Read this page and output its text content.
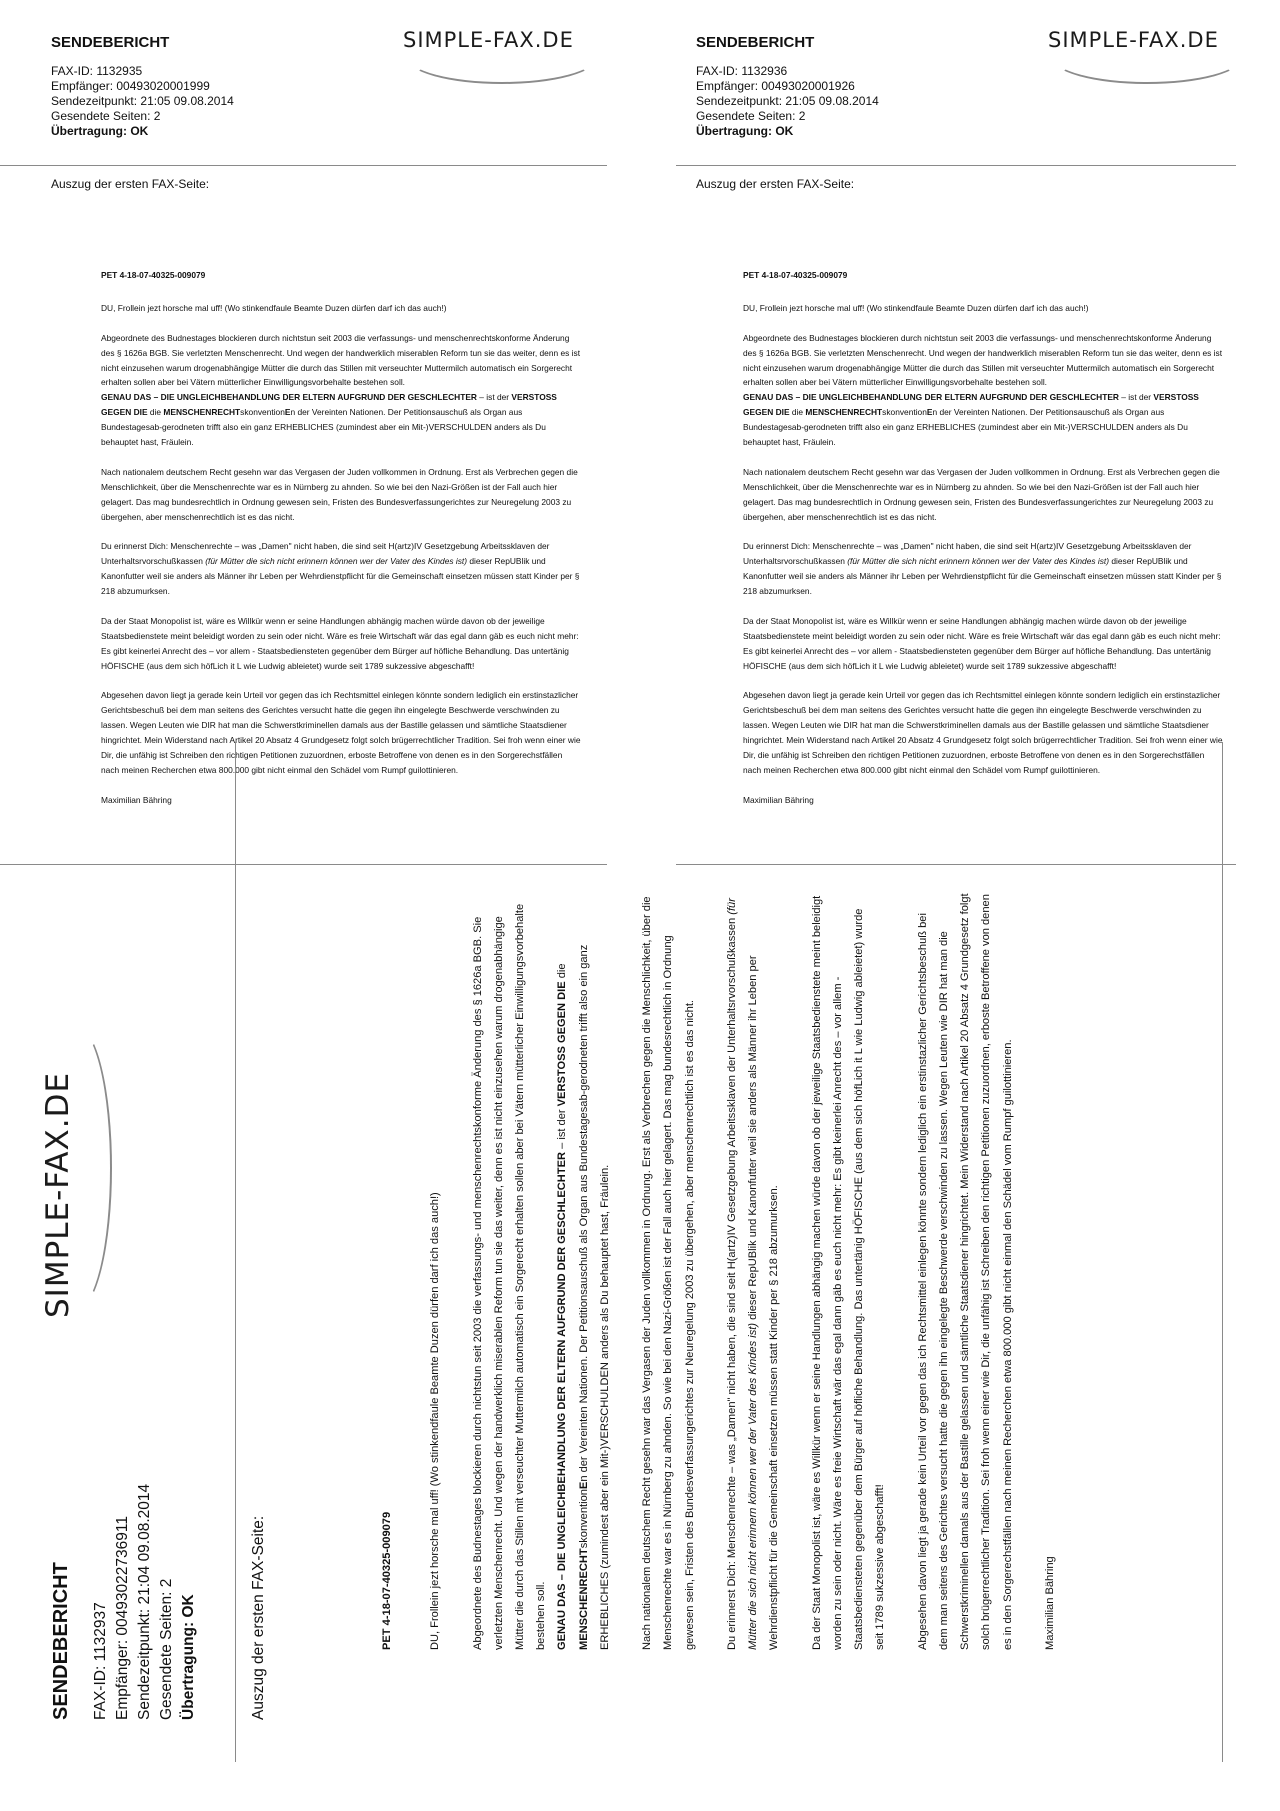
SENDEBERICHT
FAX-ID: 1132935
Empfänger: 00493020001999
Sendezeitpunkt: 21:05 09.08.2014
Gesendete Seiten: 2
Übertragung: OK
SIMPLE-FAX.DE
Auszug der ersten FAX-Seite:

PET 4-18-07-40325-009079

DU, Frollein jezt horsche mal uff! (Wo stinkendfaule Beamte Duzen dürfen darf ich das auch!)

Abgeordnete des Budnestages blockieren durch nichtstun seit 2003 die verfassungs- und menschenrechtskonforme Änderung des § 1626a BGB. Sie verletzten Menschenrecht. Und wegen der handwerklich miserablen Reform tun sie das weiter, denn es ist nicht einzusehen warum drogenabhängige Mütter die durch das Stillen mit verseuchter Muttermilch automatisch ein Sorgerecht erhalten sollen aber bei Vätern mütterlicher Einwilligungsvorbehalte bestehen soll.
GENAU DAS – DIE UNGLEICHBEHANDLUNG DER ELTERN AUFGRUND DER GESCHLECHTER – ist der VERSTOSS GEGEN DIE die MENSCHENRECHTskonventionEn der Vereinten Nationen. Der Petitionsauschuß als Organ aus Bundestagesab-gerodneten trifft also ein ganz ERHEBLICHES (zumindest aber ein Mit-)VERSCHULDEN anders als Du behauptet hast, Fräulein.

Nach nationalem deutschem Recht gesehn war das Vergasen der Juden vollkommen in Ordnung. Erst als Verbrechen gegen die Menschlichkeit, über die Menschenrechte war es in Nürnberg zu ahnden. So wie bei den Nazi-Größen ist der Fall auch hier gelagert. Das mag bundesrechtlich in Ordnung gewesen sein, Fristen des Bundesverfassungerichtes zur Neuregelung 2003 zu übergehen, aber menschenrechtlich ist es das nicht.

Du erinnerst Dich: Menschenrechte – was „Damen" nicht haben, die sind seit H(artz)IV Gesetzgebung Arbeitssklaven der Unterhaltsrvorschußkassen (für Mütter die sich nicht erinnern können wer der Vater des Kindes ist) dieser RepUBlik und Kanonfutter weil sie anders als Männer ihr Leben per Wehrdienstpflicht für die Gemeinschaft einsetzen müssen statt Kinder per § 218 abzumurksen.

Da der Staat Monopolist ist, wäre es Willkür wenn er seine Handlungen abhängig machen würde davon ob der jeweilige Staatsbedienstete meint beleidigt worden zu sein oder nicht. Wäre es freie Wirtschaft wär das egal dann gäb es euch nicht mehr: Es gibt keinerlei Anrecht des – vor allem - Staatsbediensteten gegenüber dem Bürger auf höfliche Behandlung. Das untertänig HÖFISCHE (aus dem sich höfLich it L wie Ludwig ableietet) wurde seit 1789 sukzessive abgeschafft!

Abgesehen davon liegt ja gerade kein Urteil vor gegen das ich Rechtsmittel einlegen könnte sondern lediglich ein erstinstazlicher Gerichtsbeschuß bei dem man seitens des Gerichtes versucht hatte die gegen ihn eingelegte Beschwerde verschwinden zu lassen. Wegen Leuten wie DIR hat man die Schwerstkriminellen damals aus der Bastille gelassen und sämtliche Staatsdiener hingrichtet. Mein Widerstand nach Artikel 20 Absatz 4 Grundgesetz folgt solch brügerrechtlicher Tradition. Sei froh wenn einer wie Dir, die unfähig ist Schreiben den richtigen Petitionen zuzuordnen, erboste Betroffene von denen es in den Sorgerechstfällen nach meinen Recherchen etwa 800.000 gibt nicht einmal den Schädel vom Rumpf guilottinieren.

Maximilian Bähring

SENDEBERICHT
FAX-ID: 1132936
Empfänger: 00493020001926
Sendezeitpunkt: 21:05 09.08.2014
Gesendete Seiten: 2
Übertragung: OK
SIMPLE-FAX.DE
Auszug der ersten FAX-Seite:

PET 4-18-07-40325-009079

DU, Frollein jezt horsche mal uff! (Wo stinkendfaule Beamte Duzen dürfen darf ich das auch!)

Abgeordnete des Budnestages blockieren durch nichtstun seit 2003 die verfassungs- und menschenrechtskonforme Änderung des § 1626a BGB. Sie verletzten Menschenrecht. Und wegen der handwerklich miserablen Reform tun sie das weiter, denn es ist nicht einzusehen warum drogenabhängige Mütter die durch das Stillen mit verseuchter Muttermilch automatisch ein Sorgerecht erhalten sollen aber bei Vätern mütterlicher Einwilligungsvorbehalte bestehen soll.
GENAU DAS – DIE UNGLEICHBEHANDLUNG DER ELTERN AUFGRUND DER GESCHLECHTER – ist der VERSTOSS GEGEN DIE die MENSCHENRECHTskonventionEn der Vereinten Nationen. Der Petitionsauschuß als Organ aus Bundestagesab-gerodneten trifft also ein ganz ERHEBLICHES (zumindest aber ein Mit-)VERSCHULDEN anders als Du behauptet hast, Fräulein.

Nach nationalem deutschem Recht gesehn war das Vergasen der Juden vollkommen in Ordnung. Erst als Verbrechen gegen die Menschlichkeit, über die Menschenrechte war es in Nürnberg zu ahnden. So wie bei den Nazi-Größen ist der Fall auch hier gelagert. Das mag bundesrechtlich in Ordnung gewesen sein, Fristen des Bundesverfassungerichtes zur Neuregelung 2003 zu übergehen, aber menschenrechtlich ist es das nicht.

Du erinnerst Dich: Menschenrechte – was „Damen" nicht haben, die sind seit H(artz)IV Gesetzgebung Arbeitssklaven der Unterhaltsrvorschußkassen (für Mütter die sich nicht erinnern können wer der Vater des Kindes ist) dieser RepUBlik und Kanonfutter weil sie anders als Männer ihr Leben per Wehrdienstpflicht für die Gemeinschaft einsetzen müssen statt Kinder per § 218 abzumurksen.

Da der Staat Monopolist ist, wäre es Willkür wenn er seine Handlungen abhängig machen würde davon ob der jeweilige Staatsbedienstete meint beleidigt worden zu sein oder nicht. Wäre es freie Wirtschaft wär das egal dann gäb es euch nicht mehr: Es gibt keinerlei Anrecht des – vor allem - Staatsbediensteten gegenüber dem Bürger auf höfliche Behandlung. Das untertänig HÖFISCHE (aus dem sich höfLich it L wie Ludwig ableietet) wurde seit 1789 sukzessive abgeschafft!

Abgesehen davon liegt ja gerade kein Urteil vor gegen das ich Rechtsmittel einlegen könnte sondern lediglich ein erstinstazlicher Gerichtsbeschuß bei dem man seitens des Gerichtes versucht hatte die gegen ihn eingelegte Beschwerde verschwinden zu lassen. Wegen Leuten wie DIR hat man die Schwerstkriminellen damals aus der Bastille gelassen und sämtliche Staatsdiener hingrichtet. Mein Widerstand nach Artikel 20 Absatz 4 Grundgesetz folgt solch brügerrechtlicher Tradition. Sei froh wenn einer wie Dir, die unfähig ist Schreiben den richtigen Petitionen zuzuordnen, erboste Betroffene von denen es in den Sorgerechstfällen nach meinen Recherchen etwa 800.000 gibt nicht einmal den Schädel vom Rumpf guilottinieren.

Maximilian Bähring

SENDEBERICHT FAX-ID: 1132937 Empfänger: 00493022736911 Sendezeitpunkt: 21:04 09.08.2014 Gesendete Seiten: 2 Übertragung: OK
SIMPLE-FAX.DE
Auszug der ersten FAX-Seite:	PET 4-18-07-40325-009079	DU, Frollein jezt horsche mal uff! (Wo stinkendfaule Beamte Duzen dürfen darf ich das auch!)	Abgeordnete des Budnestages blockieren durch nichtstun seit 2003 die verfassungs- und menschenrechtskonforme Änderung des § 1626a BGB. Sie verletzten Menschenrecht. Und wegen der handwerklich miserablen Reform tun sie das weiter, denn es ist nicht einzusehen warum drogenabhängige Mütter die durch das Stillen mit verseuchter Muttermilch automatisch ein Sorgerecht erhalten sollen aber bei Vätern mütterlicher Einwilligungsvorbehalte bestehen soll. GENAU DAS – DIE UNGLEICHBEHANDLUNG DER ELTERN AUFGRUND DER GESCHLECHTER – ist der VERSTOSS GEGEN DIE die MENSCHENRECHTskonventionEn der Vereinten Nationen. Der Petitionsauschuß als Organ aus Bundestagesab-gerodneten trifft also ein ganz ERHEBLICHES (zumindest aber ein Mit-)VERSCHULDEN anders als Du behauptet hast, Fräulein.	Nach nationalem deutschem Recht gesehn war das Vergasen der Juden vollkommen in Ordnung. Erst als Verbrechen gegen die Menschlichkeit, über die Menschenrechte war es in Nürnberg zu ahnden. So wie bei den Nazi-Größen ist der Fall auch hier gelagert. Das mag bundesrechtlich in Ordnung gewesen sein, Fristen des Bundesverfassungerichtes zur Neuregelung 2003 zu übergehen, aber menschenrechtlich ist es das nicht.	Du erinnerst Dich: Menschenrechte – was „Damen" nicht haben, die sind seit H(artz)IV Gesetzgebung Arbeitssklaven der Unterhaltsrvorschußkassen (für Mütter die sich nicht erinnern können wer der Vater des Kindes ist) dieser RepUBlik und Kanonfutter weil sie anders als Männer ihr Leben per Wehrdienstpflicht für die Gemeinschaft einsetzen müssen statt Kinder per § 218 abzumurksen.	Da der Staat Monopolist ist, wäre es Willkür wenn er seine Handlungen abhängig machen würde davon ob der jeweilige Staatsbedienstete meint beleidigt worden zu sein oder nicht. Wäre es freie Wirtschaft wär das egal dann gäb es euch nicht mehr: Es gibt keinerlei Anrecht des – vor allem - Staatsbediensteten gegenüber dem Bürger auf höfliche Behandlung. Das untertänig HÖFISCHE (aus dem sich höfLich it L wie Ludwig ableietet) wurde seit 1789 sukzessive abgeschafft!	Abgesehen davon liegt ja gerade kein Urteil vor gegen das ich Rechtsmittel einlegen könnte sondern lediglich ein erstinstazlicher Gerichtsbeschuß bei dem man seitens des Gerichtes versucht hatte die gegen ihn eingelegte Beschwerde verschwinden zu lassen. Wegen Leuten wie DIR hat man die Schwerstkriminellen damals aus der Bastille gelassen und sämtliche Staatsdiener hingrichtet. Mein Widerstand nach Artikel 20 Absatz 4 Grundgesetz folgt solch brügerrechtlicher Tradition. Sei froh wenn einer wie Dir, die unfähig ist Schreiben den richtigen Petitionen zuzuordnen, erboste Betroffene von denen es in den Sorgerechstfällen nach meinen Recherchen etwa 800.000 gibt nicht einmal den Schädel vom Rumpf guilottinieren.	Maximilian Bähring
